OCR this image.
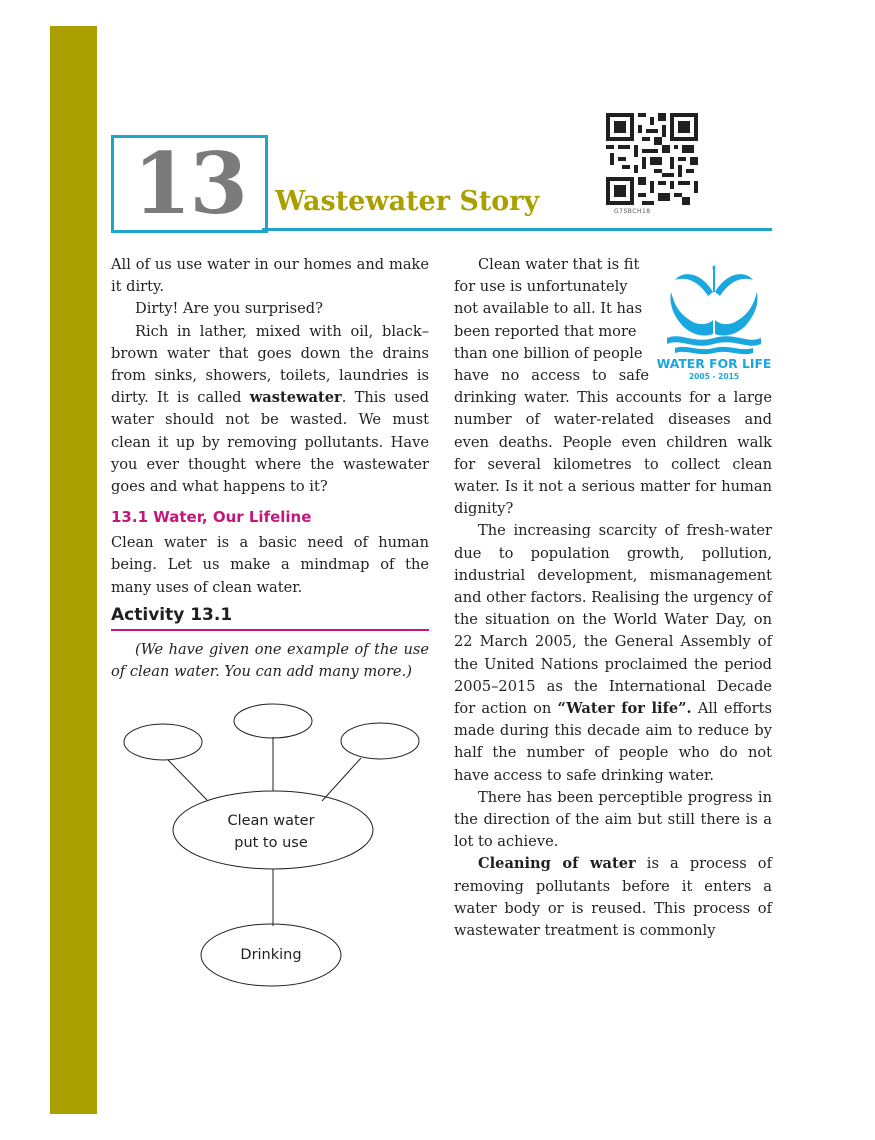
13	Wastewater Story	G7SBCH18

All of us use water in our homes and make it dirty.

Dirty! Are you surprised?

Rich in lather, mixed with oil, black–brown water that goes down the drains from sinks, showers, toilets, laundries is dirty. It is called wastewater. This used water should not be wasted. We must clean it up by removing pollutants. Have you ever thought where the wastewater goes and what happens to it?

13.1 Water, Our Lifeline

Clean water is a basic need of human being. Let us make a mindmap of the many uses of clean water.

Activity 13.1

(We have given one example of the use of clean water. You can add many more.)

Clean water
put to use
Drinking
WATER FOR LIFE
2005 - 2015

Clean water that is fit

for use is unfortunately

not available to all. It has

been reported that more

than one billion of people

have no access to safe

drinking water. This accounts for a large number of water-related diseases and even deaths. People even children walk for several kilometres to collect clean water. Is it not a serious matter for human dignity?

The increasing scarcity of fresh-water due to population growth, pollution, industrial development, mismanagement and other factors. Realising the urgency of the situation on the World Water Day, on 22 March 2005, the General Assembly of the United Nations proclaimed the period 2005–2015 as the International Decade for action on “Water for life”. All efforts made during this decade aim to reduce by half the number of people who do not have access to safe drinking water.

There has been perceptible progress in the direction of the aim but still there is a lot to achieve.

Cleaning of water is a process of removing pollutants before it enters a water body or is reused. This process of wastewater treatment is commonly
